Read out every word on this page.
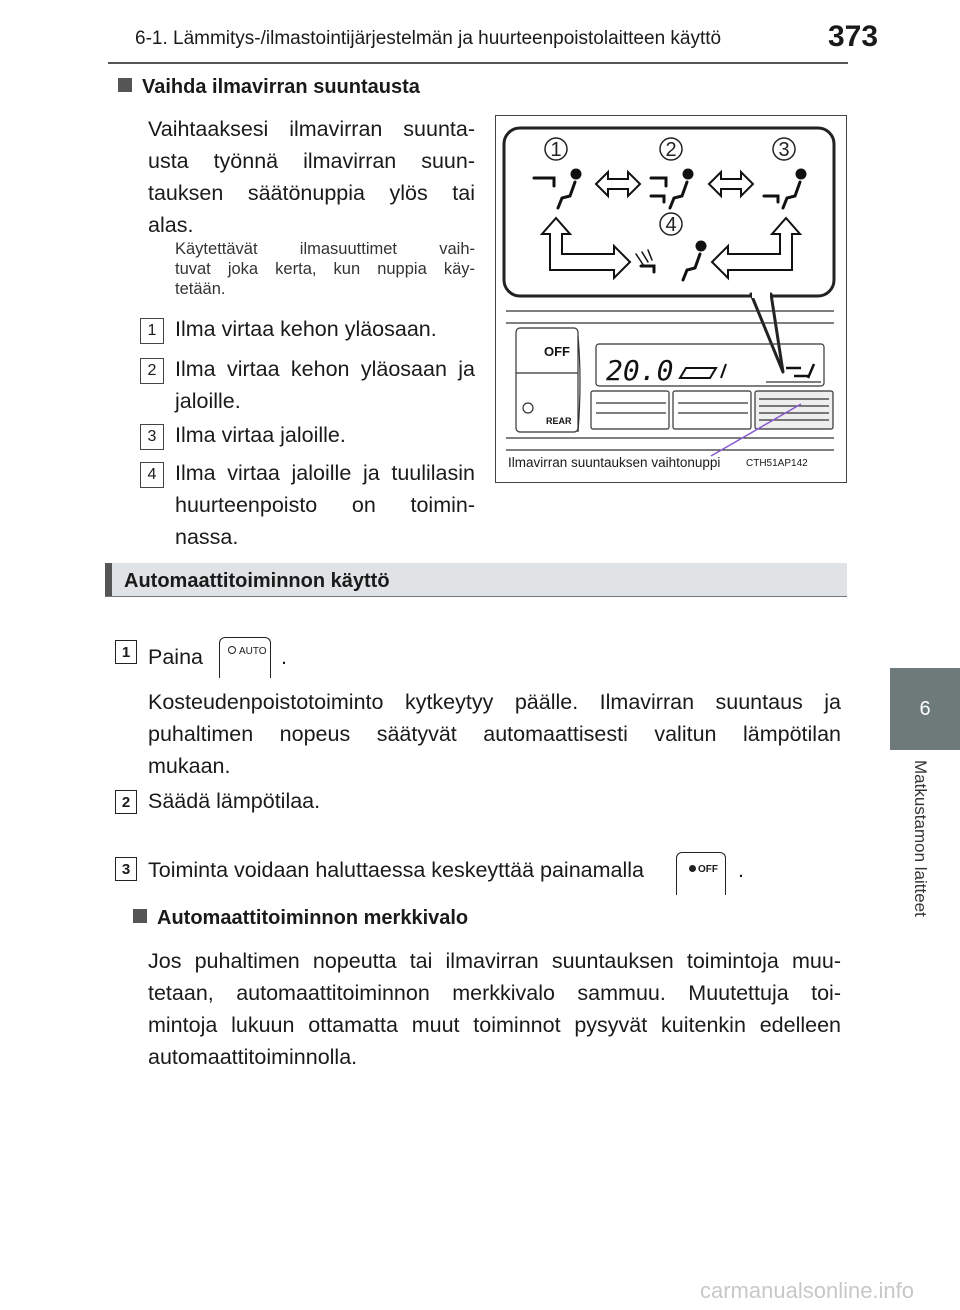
6-1. Lämmitys-/ilmastointijärjestelmän ja huurteenpoistolaitteen käyttö	373
6
Matkustamon laitteet
Vaihda ilmavirran suuntausta
Vaihtaaksesi ilmavirran suunta-
usta työnnä ilmavirran suun-
tauksen säätönuppia ylös tai
alas.
Käytettävät ilmasuuttimet vaih-
tuvat joka kerta, kun nuppia käy-
tetään.
1 Ilma virtaa kehon yläosaan.
2 Ilma virtaa kehon yläosaan ja
jaloille.
3 Ilma virtaa jaloille.
4 Ilma virtaa jaloille ja tuulilasin
huurteenpoisto on toimin-
nassa.
1	2	3
4
OFF
REAR
20.0
Ilmavirran suuntauksen vaihtonuppi	CTH51AP142
Automaattitoiminnon käyttö
1 Paina	AUTO .
Kosteudenpoistotoiminto kytkeytyy päälle. Ilmavirran suuntaus ja
puhaltimen nopeus säätyvät automaattisesti valitun lämpötilan
mukaan.
2 Säädä lämpötilaa.
3 Toiminta voidaan haluttaessa keskeyttää painamalla	OFF .
Automaattitoiminnon merkkivalo
Jos puhaltimen nopeutta tai ilmavirran suuntauksen toimintoja muu-
tetaan, automaattitoiminnon merkkivalo sammuu. Muutettuja toi-
mintoja lukuun ottamatta muut toiminnot pysyvät kuitenkin edelleen
automaattitoiminnolla.
carmanualsonline.info
